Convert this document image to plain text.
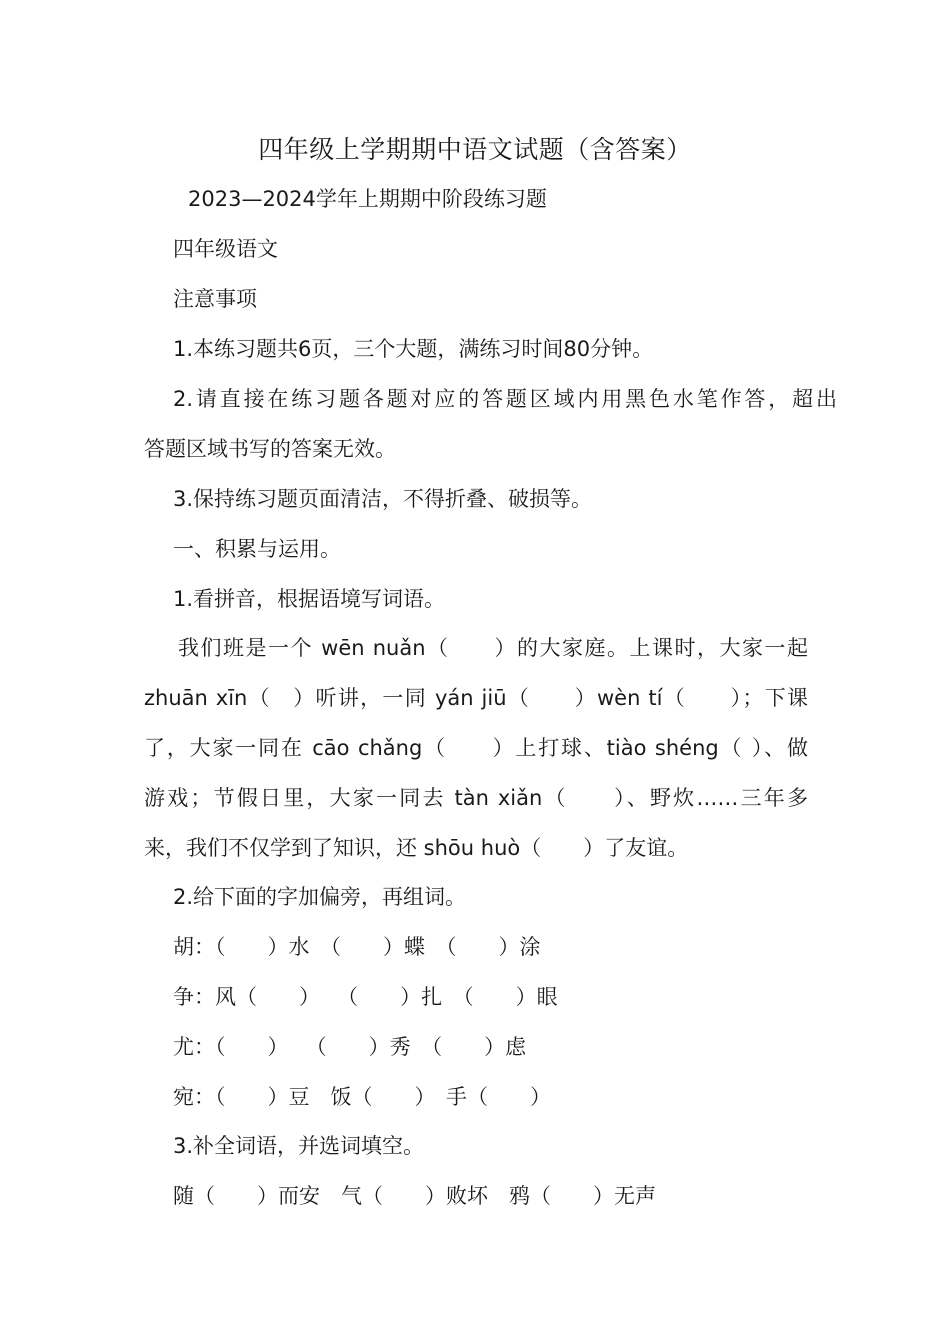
四年级上学期期中语文试题（含答案）
2023—2024学年上期期中阶段练习题
四年级语文
注意事项
1.本练习题共6页，三个大题，满练习时间80分钟。
2.请直接在练习题各题对应的答题区域内用黑色水笔作答，超出
答题区域书写的答案无效。
3.保持练习题页面清洁，不得折叠、破损等。
一、积累与运用。
1.看拼音，根据语境写词语。
我们班是一个 wēn nuǎn（　　）的大家庭。上课时，大家一起
zhuān xīn（　）听讲，一同 yán jiū（　　）wèn tí（　　）；下课
了，大家一同在 cāo chǎng（　　）上打球、tiào shéng（ ）、做
游戏；节假日里，大家一同去 tàn xiǎn（　　）、野炊……三年多
来，我们不仅学到了知识，还 shōu huò（　　）了友谊。
2.给下面的字加偏旁，再组词。
胡：（　　）水　（　　）蝶　（　　）涂
争：风（　　）　 （　　）扎　（　　）眼
尤：（　　）　 （　　）秀　（　　）虑
宛：（　　）豆　饭（　　）　手（　　）
3.补全词语，并选词填空。
随（　　）而安　气（　　）败坏　鸦（　　）无声
